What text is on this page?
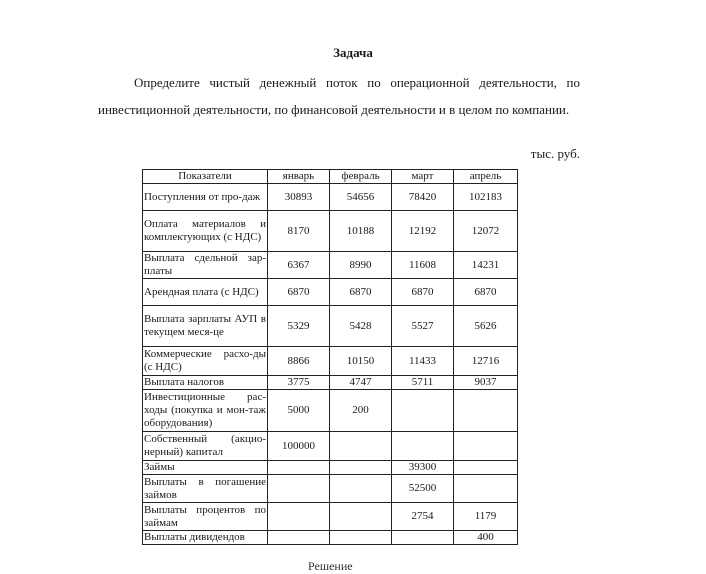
Задача

Определите чистый денежный поток по операционной деятельности, по инвестиционной деятельности, по финансовой деятельности и в целом по компании.

тыс. руб.
Показатели	январь	февраль	март	апрель
Поступления от про-даж	30893	54656	78420	102183
Оплата материалов и комплектующих (с НДС)	8170	10188	12192	12072
Выплата сдельной зар-платы	6367	8990	11608	14231
Арендная плата (с НДС)	6870	6870	6870	6870
Выплата зарплаты АУП в текущем меся-це	5329	5428	5527	5626
Коммерческие расхо-ды (с НДС)	8866	10150	11433	12716
Выплата налогов	3775	4747	5711	9037
Инвестиционные рас-ходы (покупка и мон-таж оборудования)	5000	200		
Собственный (акцио-нерный) капитал	100000			
Займы			39300	
Выплаты в погашение займов			52500	
Выплаты процентов по займам			2754	1179
Выплаты дивидендов				400
Решение
